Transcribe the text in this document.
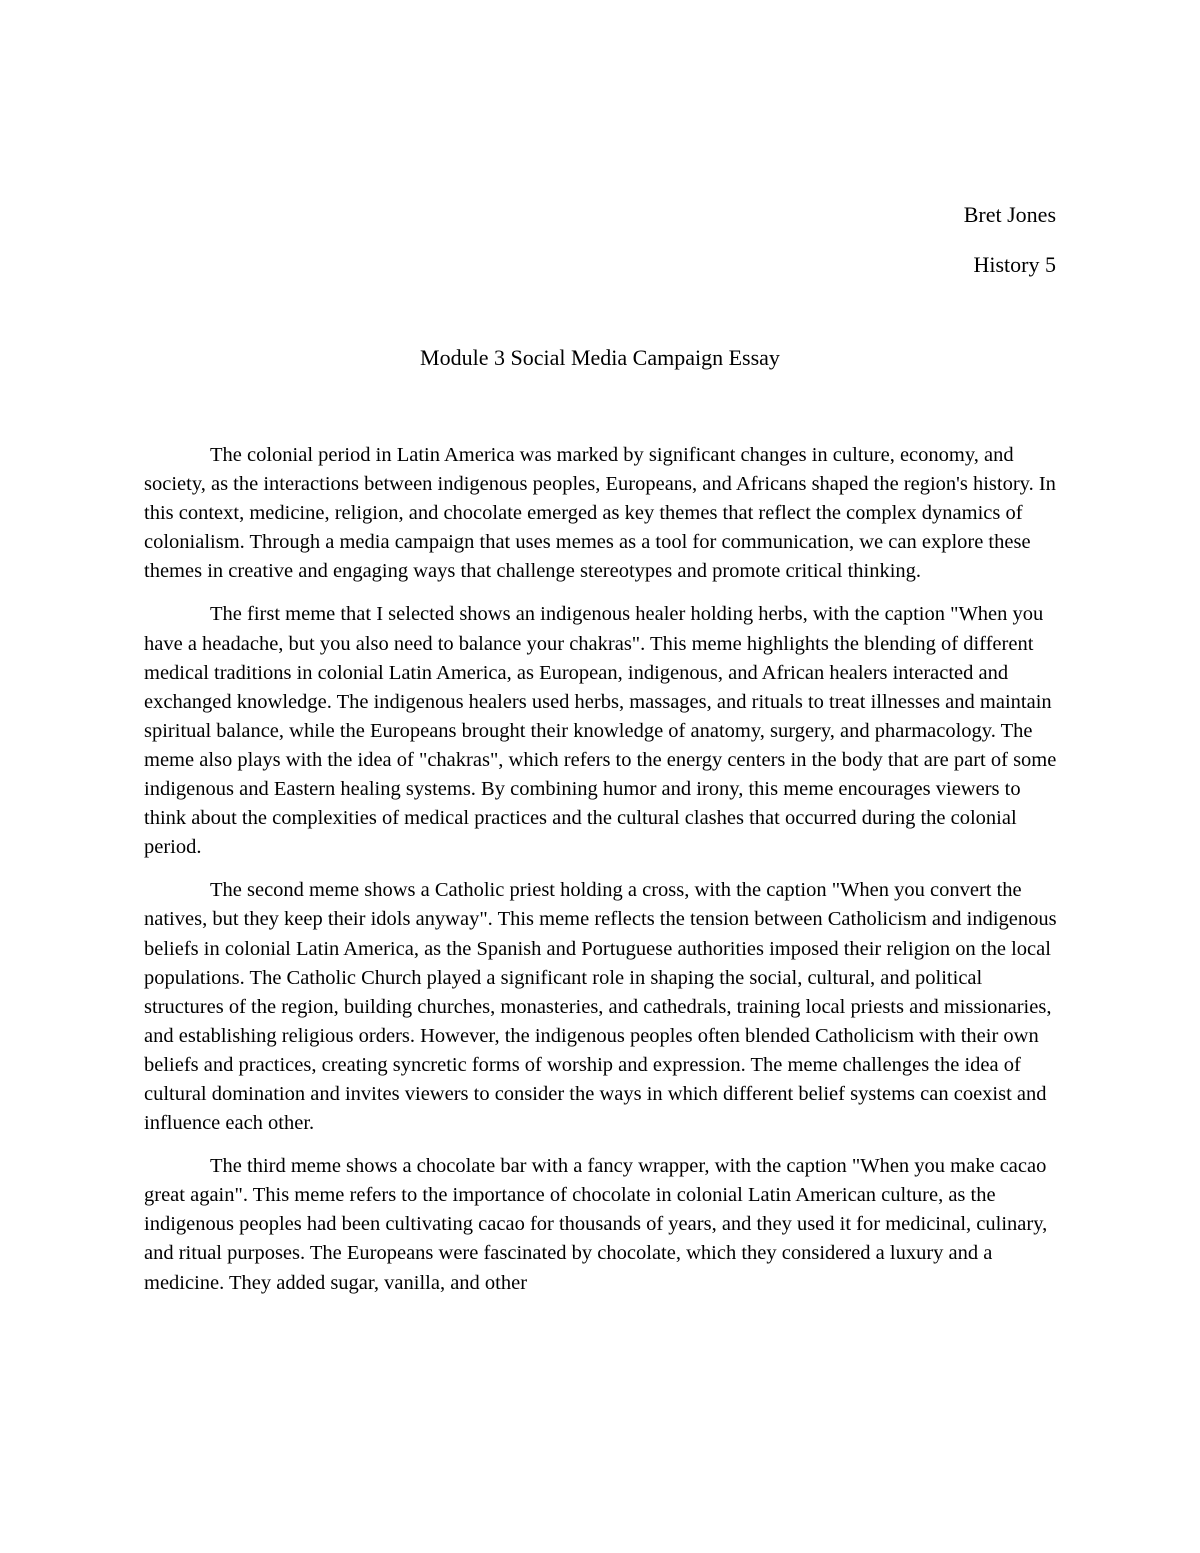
Bret Jones
History 5
Module 3 Social Media Campaign Essay

The colonial period in Latin America was marked by significant changes in culture, economy, and society, as the interactions between indigenous peoples, Europeans, and Africans shaped the region's history. In this context, medicine, religion, and chocolate emerged as key themes that reflect the complex dynamics of colonialism. Through a media campaign that uses memes as a tool for communication, we can explore these themes in creative and engaging ways that challenge stereotypes and promote critical thinking.

The first meme that I selected shows an indigenous healer holding herbs, with the caption "When you have a headache, but you also need to balance your chakras". This meme highlights the blending of different medical traditions in colonial Latin America, as European, indigenous, and African healers interacted and exchanged knowledge. The indigenous healers used herbs, massages, and rituals to treat illnesses and maintain spiritual balance, while the Europeans brought their knowledge of anatomy, surgery, and pharmacology. The meme also plays with the idea of "chakras", which refers to the energy centers in the body that are part of some indigenous and Eastern healing systems. By combining humor and irony, this meme encourages viewers to think about the complexities of medical practices and the cultural clashes that occurred during the colonial period.

The second meme shows a Catholic priest holding a cross, with the caption "When you convert the natives, but they keep their idols anyway". This meme reflects the tension between Catholicism and indigenous beliefs in colonial Latin America, as the Spanish and Portuguese authorities imposed their religion on the local populations. The Catholic Church played a significant role in shaping the social, cultural, and political structures of the region, building churches, monasteries, and cathedrals, training local priests and missionaries, and establishing religious orders. However, the indigenous peoples often blended Catholicism with their own beliefs and practices, creating syncretic forms of worship and expression. The meme challenges the idea of cultural domination and invites viewers to consider the ways in which different belief systems can coexist and influence each other.

The third meme shows a chocolate bar with a fancy wrapper, with the caption "When you make cacao great again". This meme refers to the importance of chocolate in colonial Latin American culture, as the indigenous peoples had been cultivating cacao for thousands of years, and they used it for medicinal, culinary, and ritual purposes. The Europeans were fascinated by chocolate, which they considered a luxury and a medicine. They added sugar, vanilla, and other
